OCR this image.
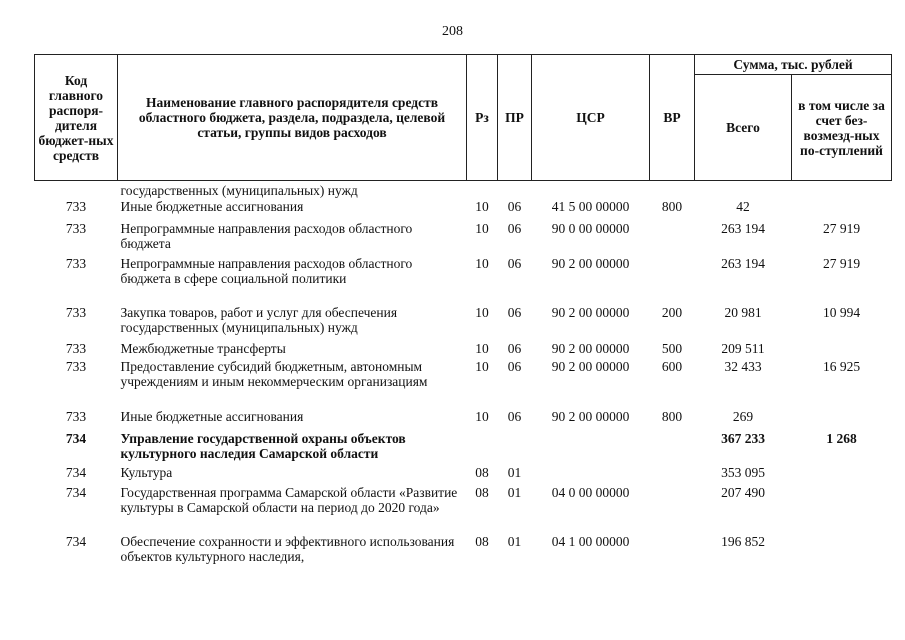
208
Код главного распоря-дителя бюджет-ных средств	Наименование главного распорядителя средств областного бюджета, раздела, подраздела, целевой статьи, группы видов расходов	Рз	ПР	ЦСР	ВР	Сумма, тыс. рублей	
						Всего	в том числе за счет без-возмезд-ных по-ступлений
	государственных (муниципальных) нужд						
733	Иные бюджетные ассигнования	10	06	41 5 00 00000	800	42	
733	Непрограммные направления расходов областного бюджета	10	06	90 0 00 00000		263 194	27 919
733	Непрограммные направления расходов областного бюджета в сфере социальной политики	10	06	90 2 00 00000		263 194	27 919
733	Закупка товаров, работ и услуг для обеспечения государственных (муниципальных) нужд	10	06	90 2 00 00000	200	20 981	10 994
733	Межбюджетные трансферты	10	06	90 2 00 00000	500	209 511	
733	Предоставление субсидий бюджетным, автономным учреждениям и иным некоммерческим организациям	10	06	90 2 00 00000	600	32 433	16 925
733	Иные бюджетные ассигнования	10	06	90 2 00 00000	800	269	
734	Управление государственной охраны объектов культурного наследия Самарской области					367 233	1 268
734	Культура	08	01			353 095	
734	Государственная программа Самарской области «Развитие культуры в Самарской области на период до 2020 года»	08	01	04 0 00 00000		207 490	
734	Обеспечение сохранности и эффективного использования объектов культурного наследия,	08	01	04 1 00 00000		196 852	
